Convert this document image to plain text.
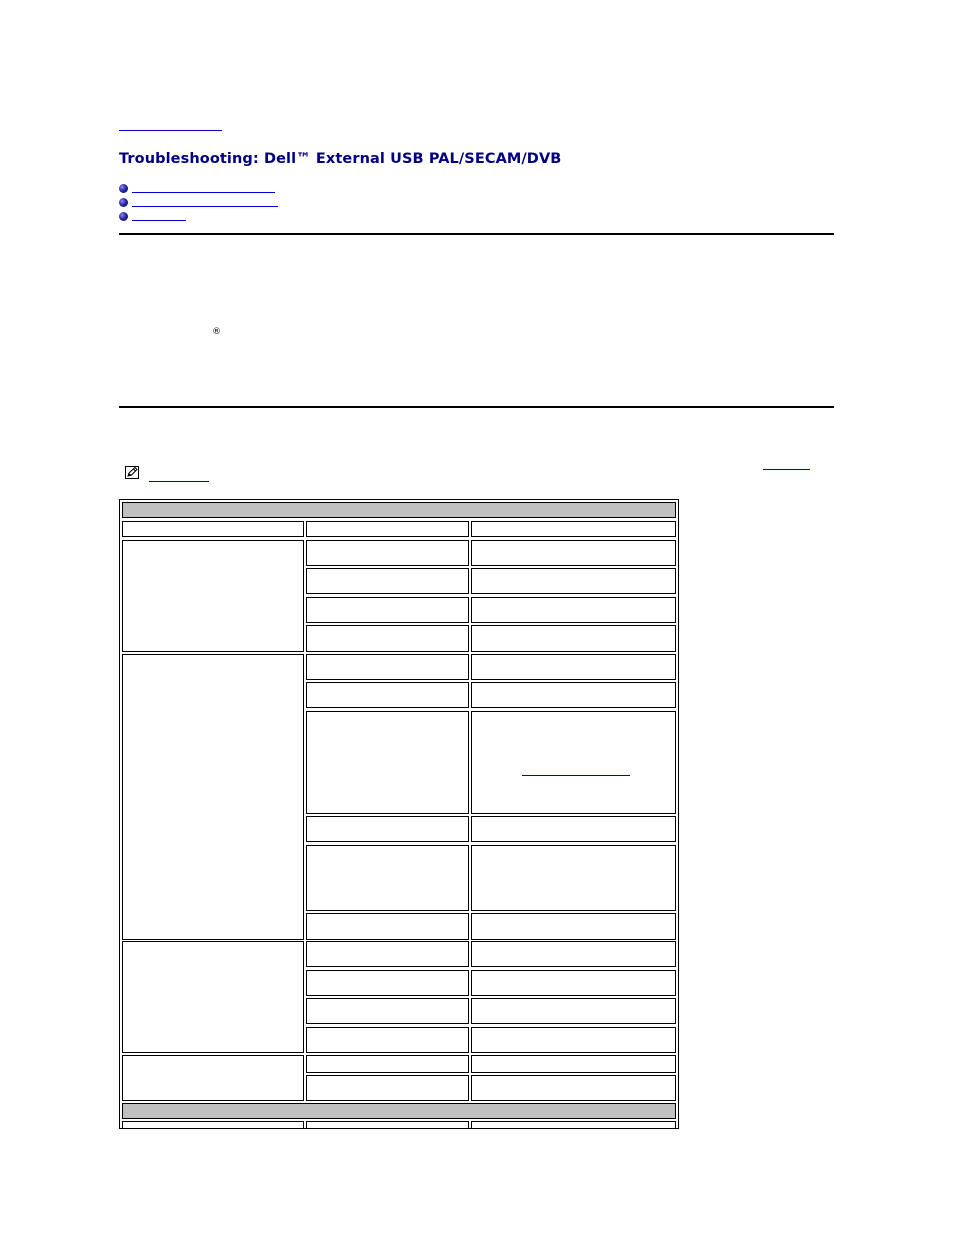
Troubleshooting: Dell™ External USB PAL/SECAM/DVB
®
